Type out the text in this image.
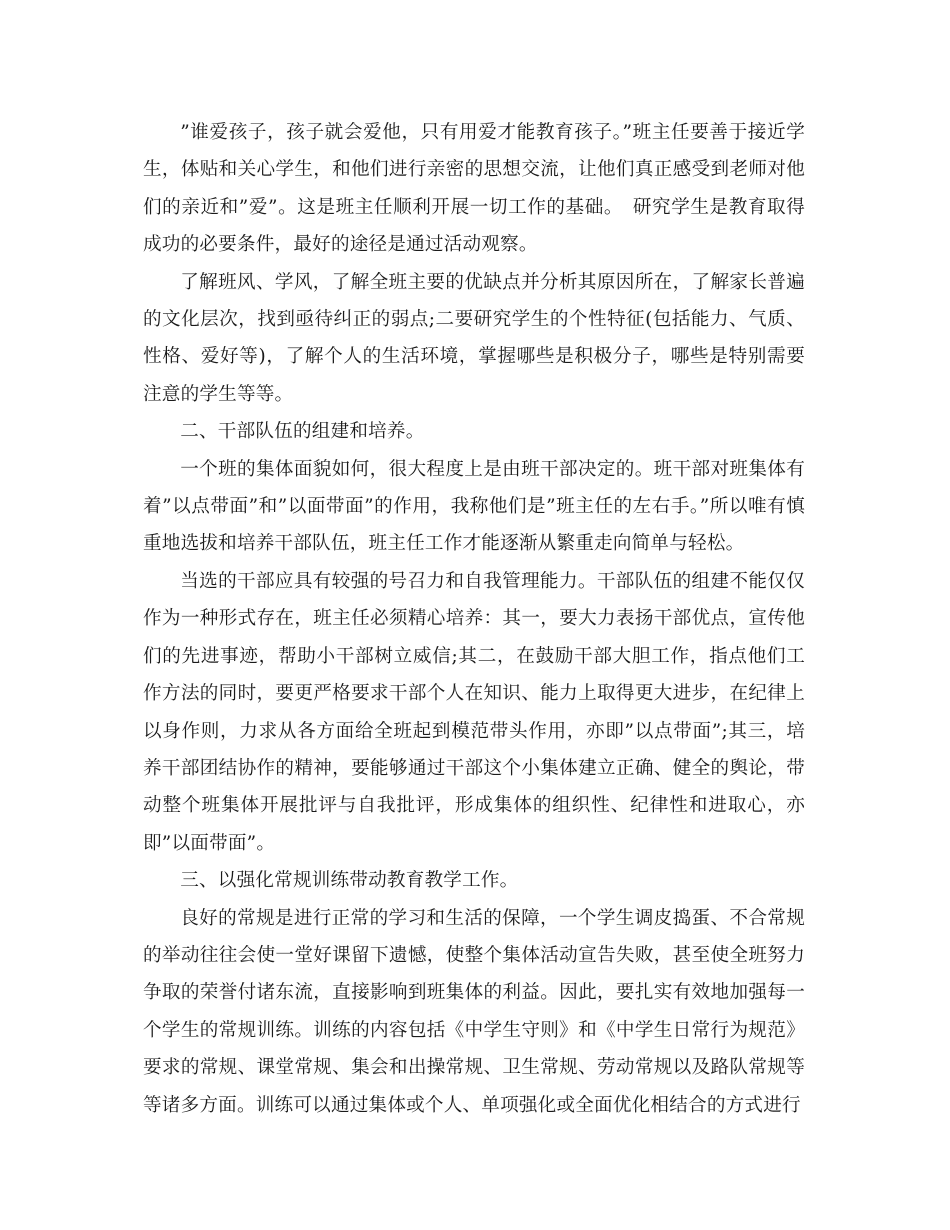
”谁爱孩子，孩子就会爱他，只有用爱才能教育孩子。”班主任要善于接近学生，体贴和关心学生，和他们进行亲密的思想交流，让他们真正感受到老师对他们的亲近和”爱”。这是班主任顺利开展一切工作的基础。　研究学生是教育取得成功的必要条件，最好的途径是通过活动观察。

了解班风、学风，了解全班主要的优缺点并分析其原因所在，了解家长普遍的文化层次，找到亟待纠正的弱点;二要研究学生的个性特征(包括能力、气质、性格、爱好等)，了解个人的生活环境，掌握哪些是积极分子，哪些是特别需要注意的学生等等。

二、干部队伍的组建和培养。

一个班的集体面貌如何，很大程度上是由班干部决定的。班干部对班集体有着”以点带面”和”以面带面”的作用，我称他们是”班主任的左右手。”所以唯有慎重地选拔和培养干部队伍，班主任工作才能逐渐从繁重走向简单与轻松。

当选的干部应具有较强的号召力和自我管理能力。干部队伍的组建不能仅仅作为一种形式存在，班主任必须精心培养：其一，要大力表扬干部优点，宣传他们的先进事迹，帮助小干部树立威信;其二，在鼓励干部大胆工作，指点他们工作方法的同时，要更严格要求干部个人在知识、能力上取得更大进步，在纪律上以身作则，力求从各方面给全班起到模范带头作用，亦即”以点带面”;其三，培养干部团结协作的精神，要能够通过干部这个小集体建立正确、健全的舆论，带动整个班集体开展批评与自我批评，形成集体的组织性、纪律性和进取心，亦即”以面带面”。

三、以强化常规训练带动教育教学工作。

良好的常规是进行正常的学习和生活的保障，一个学生调皮捣蛋、不合常规的举动往往会使一堂好课留下遗憾，使整个集体活动宣告失败，甚至使全班努力争取的荣誉付诸东流，直接影响到班集体的利益。因此，要扎实有效地加强每一个学生的常规训练。训练的内容包括《中学生守则》和《中学生日常行为规范》要求的常规、课堂常规、集会和出操常规、卫生常规、劳动常规以及路队常规等等诸多方面。训练可以通过集体或个人、单项强化或全面优化相结合的方式进行
